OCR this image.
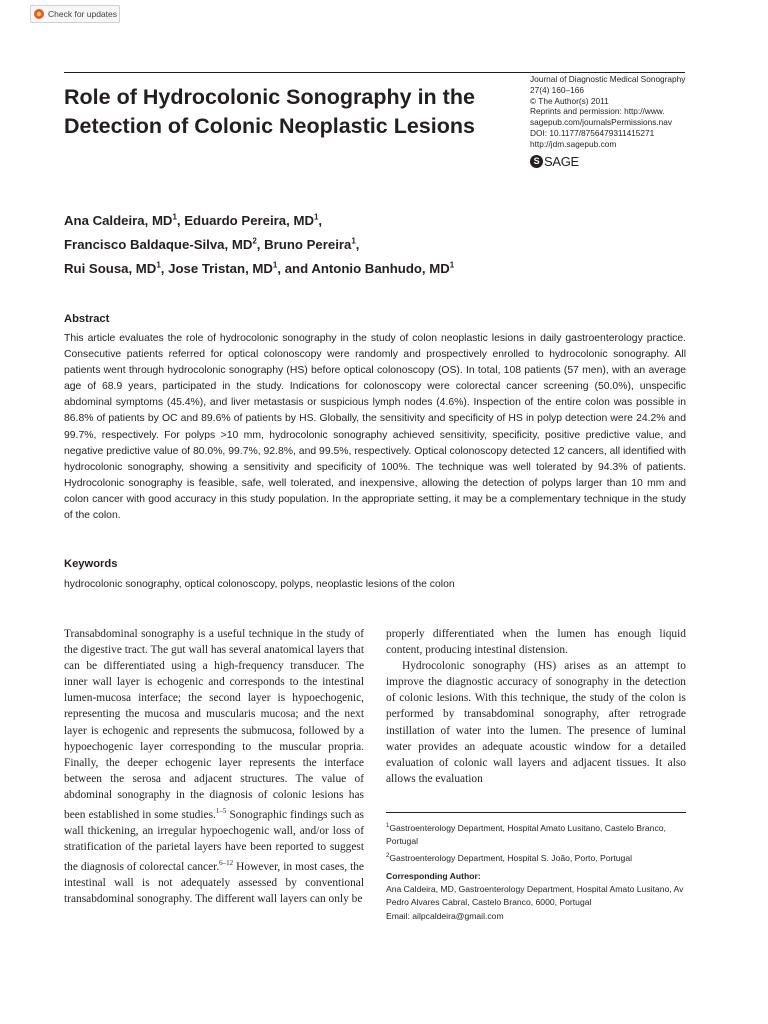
Check for updates
Role of Hydrocolonic Sonography in the Detection of Colonic Neoplastic Lesions
Journal of Diagnostic Medical Sonography
27(4) 160–166
© The Author(s) 2011
Reprints and permission: http://www.
sagepub.com/journalsPermissions.nav
DOI: 10.1177/8756479311415271
http://jdm.sagepub.com
S SAGE

Ana Caldeira, $MD^1$, Eduardo Pereira, $MD^1$,
Francisco Baldaque-Silva, $MD^2$, Bruno Pereira$^1$,
Rui Sousa, $MD^1$, Jose Tristan, $MD^1$, and Antonio Banhudo, $MD^1$

Abstract

This article evaluates the role of hydrocolonic sonography in the study of colon neoplastic lesions in daily gastroenterology practice. Consecutive patients referred for optical colonoscopy were randomly and prospectively enrolled to hydrocolonic sonography. All patients went through hydrocolonic sonography (HS) before optical colonoscopy (OS). In total, 108 patients (57 men), with an average age of 68.9 years, participated in the study. Indications for colonoscopy were colorectal cancer screening (50.0%), unspecific abdominal symptoms (45.4%), and liver metastasis or suspicious lymph nodes (4.6%). Inspection of the entire colon was possible in 86.8% of patients by OC and 89.6% of patients by HS. Globally, the sensitivity and specificity of HS in polyp detection were 24.2% and 99.7%, respectively. For polyps >10 mm, hydrocolonic sonography achieved sensitivity, specificity, positive predictive value, and negative predictive value of 80.0%, 99.7%, 92.8%, and 99.5%, respectively. Optical colonoscopy detected 12 cancers, all identified with hydrocolonic sonography, showing a sensitivity and specificity of 100%. The technique was well tolerated by 94.3% of patients. Hydrocolonic sonography is feasible, safe, well tolerated, and inexpensive, allowing the detection of polyps larger than 10 mm and colon cancer with good accuracy in this study population. In the appropriate setting, it may be a complementary technique in the study of the colon.

Keywords

hydrocolonic sonography, optical colonoscopy, polyps, neoplastic lesions of the colon

Transabdominal sonography is a useful technique in the study of the digestive tract. The gut wall has several anatomical layers that can be differentiated using a high-frequency transducer. The inner wall layer is echogenic and corresponds to the intestinal lumen-mucosa interface; the second layer is hypoechogenic, representing the mucosa and muscularis mucosa; and the next layer is echogenic and represents the submucosa, followed by a hypoechogenic layer corresponding to the muscular propria. Finally, the deeper echogenic layer represents the interface between the serosa and adjacent structures. The value of abdominal sonography in the diagnosis of colonic lesions has been established in some studies.$^{1-5}$ Sonographic findings such as wall thickening, an irregular hypoechogenic wall, and/or loss of stratification of the parietal layers have been reported to suggest the diagnosis of colorectal cancer.$^{6-12}$ However, in most cases, the intestinal wall is not adequately assessed by conventional transabdominal sonography. The different wall layers can only be

properly differentiated when the lumen has enough liquid content, producing intestinal distension.

Hydrocolonic sonography (HS) arises as an attempt to improve the diagnostic accuracy of sonography in the detection of colonic lesions. With this technique, the study of the colon is performed by transabdominal sonography, after retrograde instillation of water into the lumen. The presence of luminal water provides an adequate acoustic window for a detailed evaluation of colonic wall layers and adjacent tissues. It also allows the evaluation

$^1$Gastroenterology Department, Hospital Amato Lusitano, Castelo Branco, Portugal

$^2$Gastroenterology Department, Hospital S. João, Porto, Portugal

Corresponding Author:

Ana Caldeira, MD, Gastroenterology Department, Hospital Amato Lusitano, Av Pedro Alvares Cabral, Castelo Branco, 6000, Portugal

Email: ailpcaldeira@gmail.com
